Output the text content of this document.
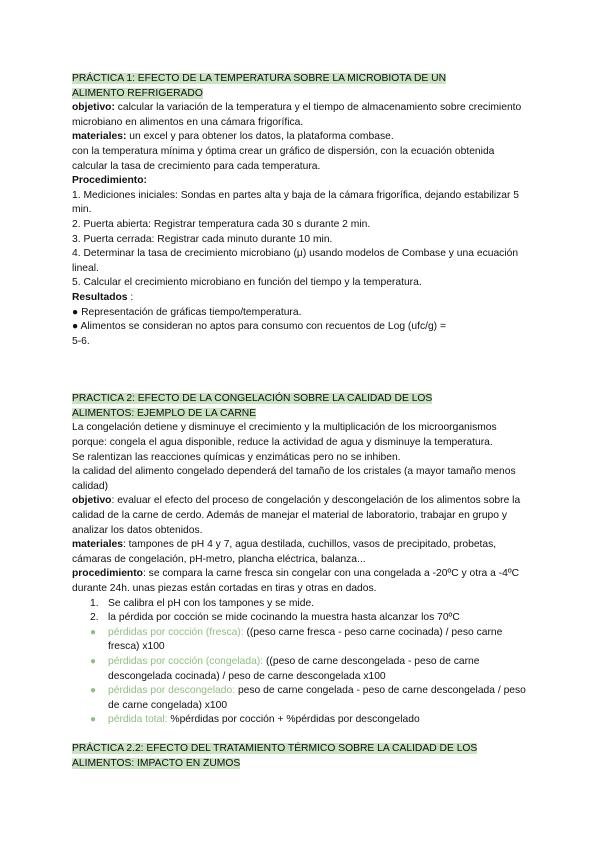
PRÁCTICA 1: EFECTO DE LA TEMPERATURA SOBRE LA MICROBIOTA DE UN
ALIMENTO REFRIGERADO

objetivo: calcular la variación de la temperatura y el tiempo de almacenamiento sobre crecimiento microbiano en alimentos en una cámara frigorífica.

materiales: un excel y para obtener los datos, la plataforma combase.

con la temperatura mínima y óptima crear un gráfico de dispersión, con la ecuación obtenida calcular la tasa de crecimiento para cada temperatura.

Procedimiento:

1. Mediciones iniciales: Sondas en partes alta y baja de la cámara frigorífica, dejando estabilizar 5 min.

2. Puerta abierta: Registrar temperatura cada 30 s durante 2 min.

3. Puerta cerrada: Registrar cada minuto durante 10 min.

4. Determinar la tasa de crecimiento microbiano (μ) usando modelos de Combase y una ecuación lineal.

5. Calcular el crecimiento microbiano en función del tiempo y la temperatura.

Resultados :

● Representación de gráficas tiempo/temperatura.

● Alimentos se consideran no aptos para consumo con recuentos de Log (ufc/g) =

5-6.

PRACTICA 2: EFECTO DE LA CONGELACIÓN SOBRE LA CALIDAD DE LOS
ALIMENTOS: EJEMPLO DE LA CARNE

La congelación detiene y disminuye el crecimiento y la multiplicación de los microorganismos porque: congela el agua disponible, reduce la actividad de agua y disminuye la temperatura.

Se ralentizan las reacciones químicas y enzimáticas pero no se inhiben.

la calidad del alimento congelado dependerá del tamaño de los cristales (a mayor tamaño menos calidad)

objetivo: evaluar el efecto del proceso de congelación y descongelación de los alimentos sobre la calidad de la carne de cerdo. Además de manejar el material de laboratorio, trabajar en grupo y analizar los datos obtenidos.

materiales: tampones de pH 4 y 7, agua destilada, cuchillos, vasos de precipitado, probetas, cámaras de congelación, pH-metro, plancha eléctrica, balanza...

procedimiento: se compara la carne fresca sin congelar con una congelada a -20ºC y otra a -4ºC durante 24h. unas piezas están cortadas en tiras y otras en dados.

1. Se calibra el pH con los tampones y se mide.
2. la pérdida por cocción se mide cocinando la muestra hasta alcanzar los 70ºC
● pérdidas por cocción (fresca): ((peso carne fresca - peso carne cocinada) / peso carne fresca) x100
● pérdidas por cocción (congelada): ((peso de carne descongelada - peso de carne descongelada cocinada) / peso de carne descongelada x100
● pérdidas por descongelado: peso de carne congelada - peso de carne descongelada / peso de carne congelada) x100
● pérdida total: %pérdidas por cocción + %pérdidas por descongelado

PRÁCTICA 2.2: EFECTO DEL TRATAMIENTO TÉRMICO SOBRE LA CALIDAD DE LOS
ALIMENTOS: IMPACTO EN ZUMOS
